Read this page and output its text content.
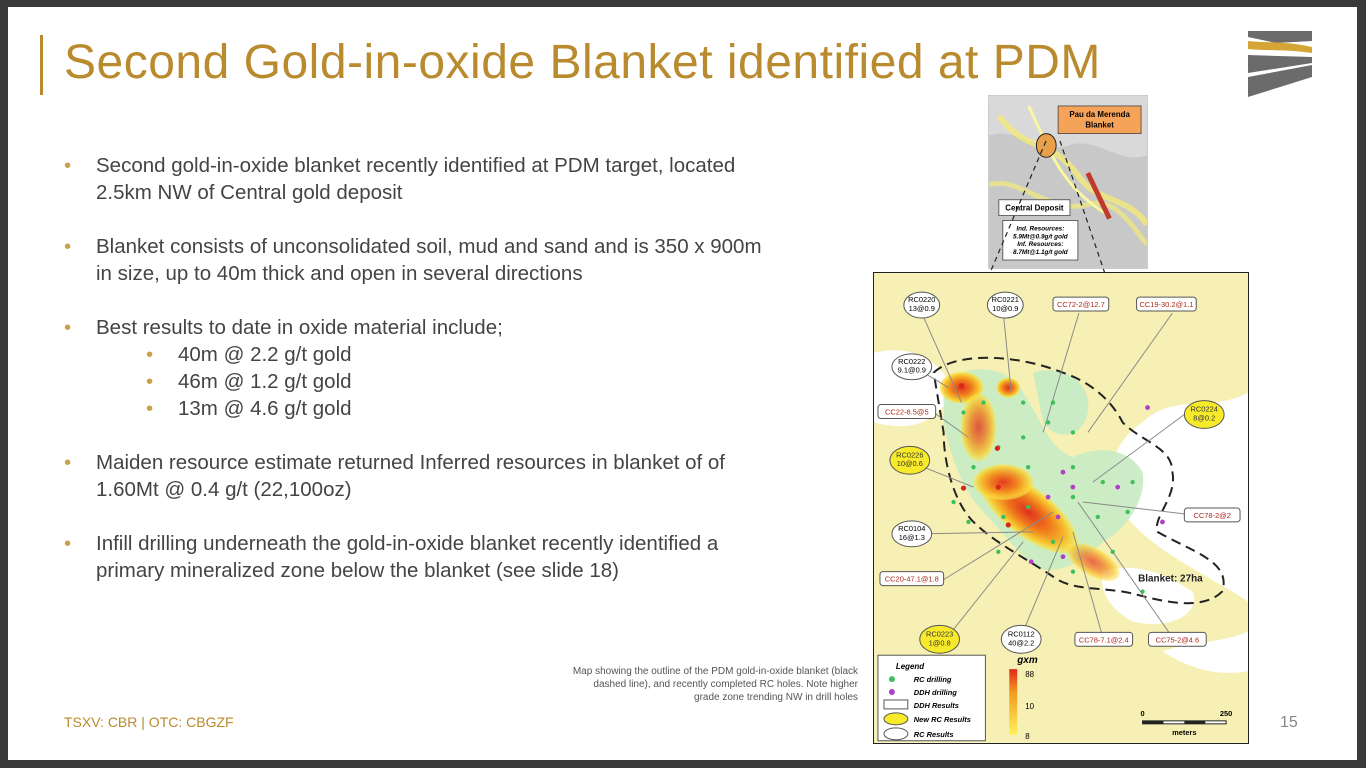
Second Gold-in-oxide Blanket identified at PDM
• Second gold-in-oxide blanket recently identified at PDM target, located 2.5km NW of Central gold deposit
• Blanket consists of unconsolidated soil, mud and sand and is 350 x 900m in size, up to 40m thick and open in several directions
• Best results to date in oxide material include;
• 40m @ 2.2 g/t gold
• 46m @ 1.2 g/t gold
• 13m @ 4.6 g/t gold
• Maiden resource estimate returned Inferred resources in blanket of of 1.60Mt @ 0.4 g/t (22,100oz)
• Infill drilling underneath the gold-in-oxide blanket recently identified a primary mineralized zone below the blanket (see slide 18)
Map showing the outline of the PDM gold-in-oxide blanket (black dashed line), and recently completed RC holes. Note higher grade zone trending NW in drill holes
Pau da Merenda
Blanket
Central Deposit
Ind. Resources:
5.9Mt@0.9g/t gold
Inf. Resources:
8.7Mt@1.1g/t gold
RC0220
13@0.9
RC0221
10@0.9	CC72-2@12.7	CC19-30.2@1.1
RC0222
9.1@0.9
CC22-8.5@5	RC0224
8@0.2
RC0226
10@0.6
CC78-2@2
RC0104
16@1.3
CC20-47.1@1.8	Blanket: 27ha
RC0223
1@0.8
RC0112
40@2.2	CC78-7.1@2.4	CC75-2@4.6
Legend
RC drilling
DDH drilling
DDH Results
New RC Results
RC Results
gxm
88
10
8
0	250
meters
TSXV: CBR | OTC: CBGZF	15
